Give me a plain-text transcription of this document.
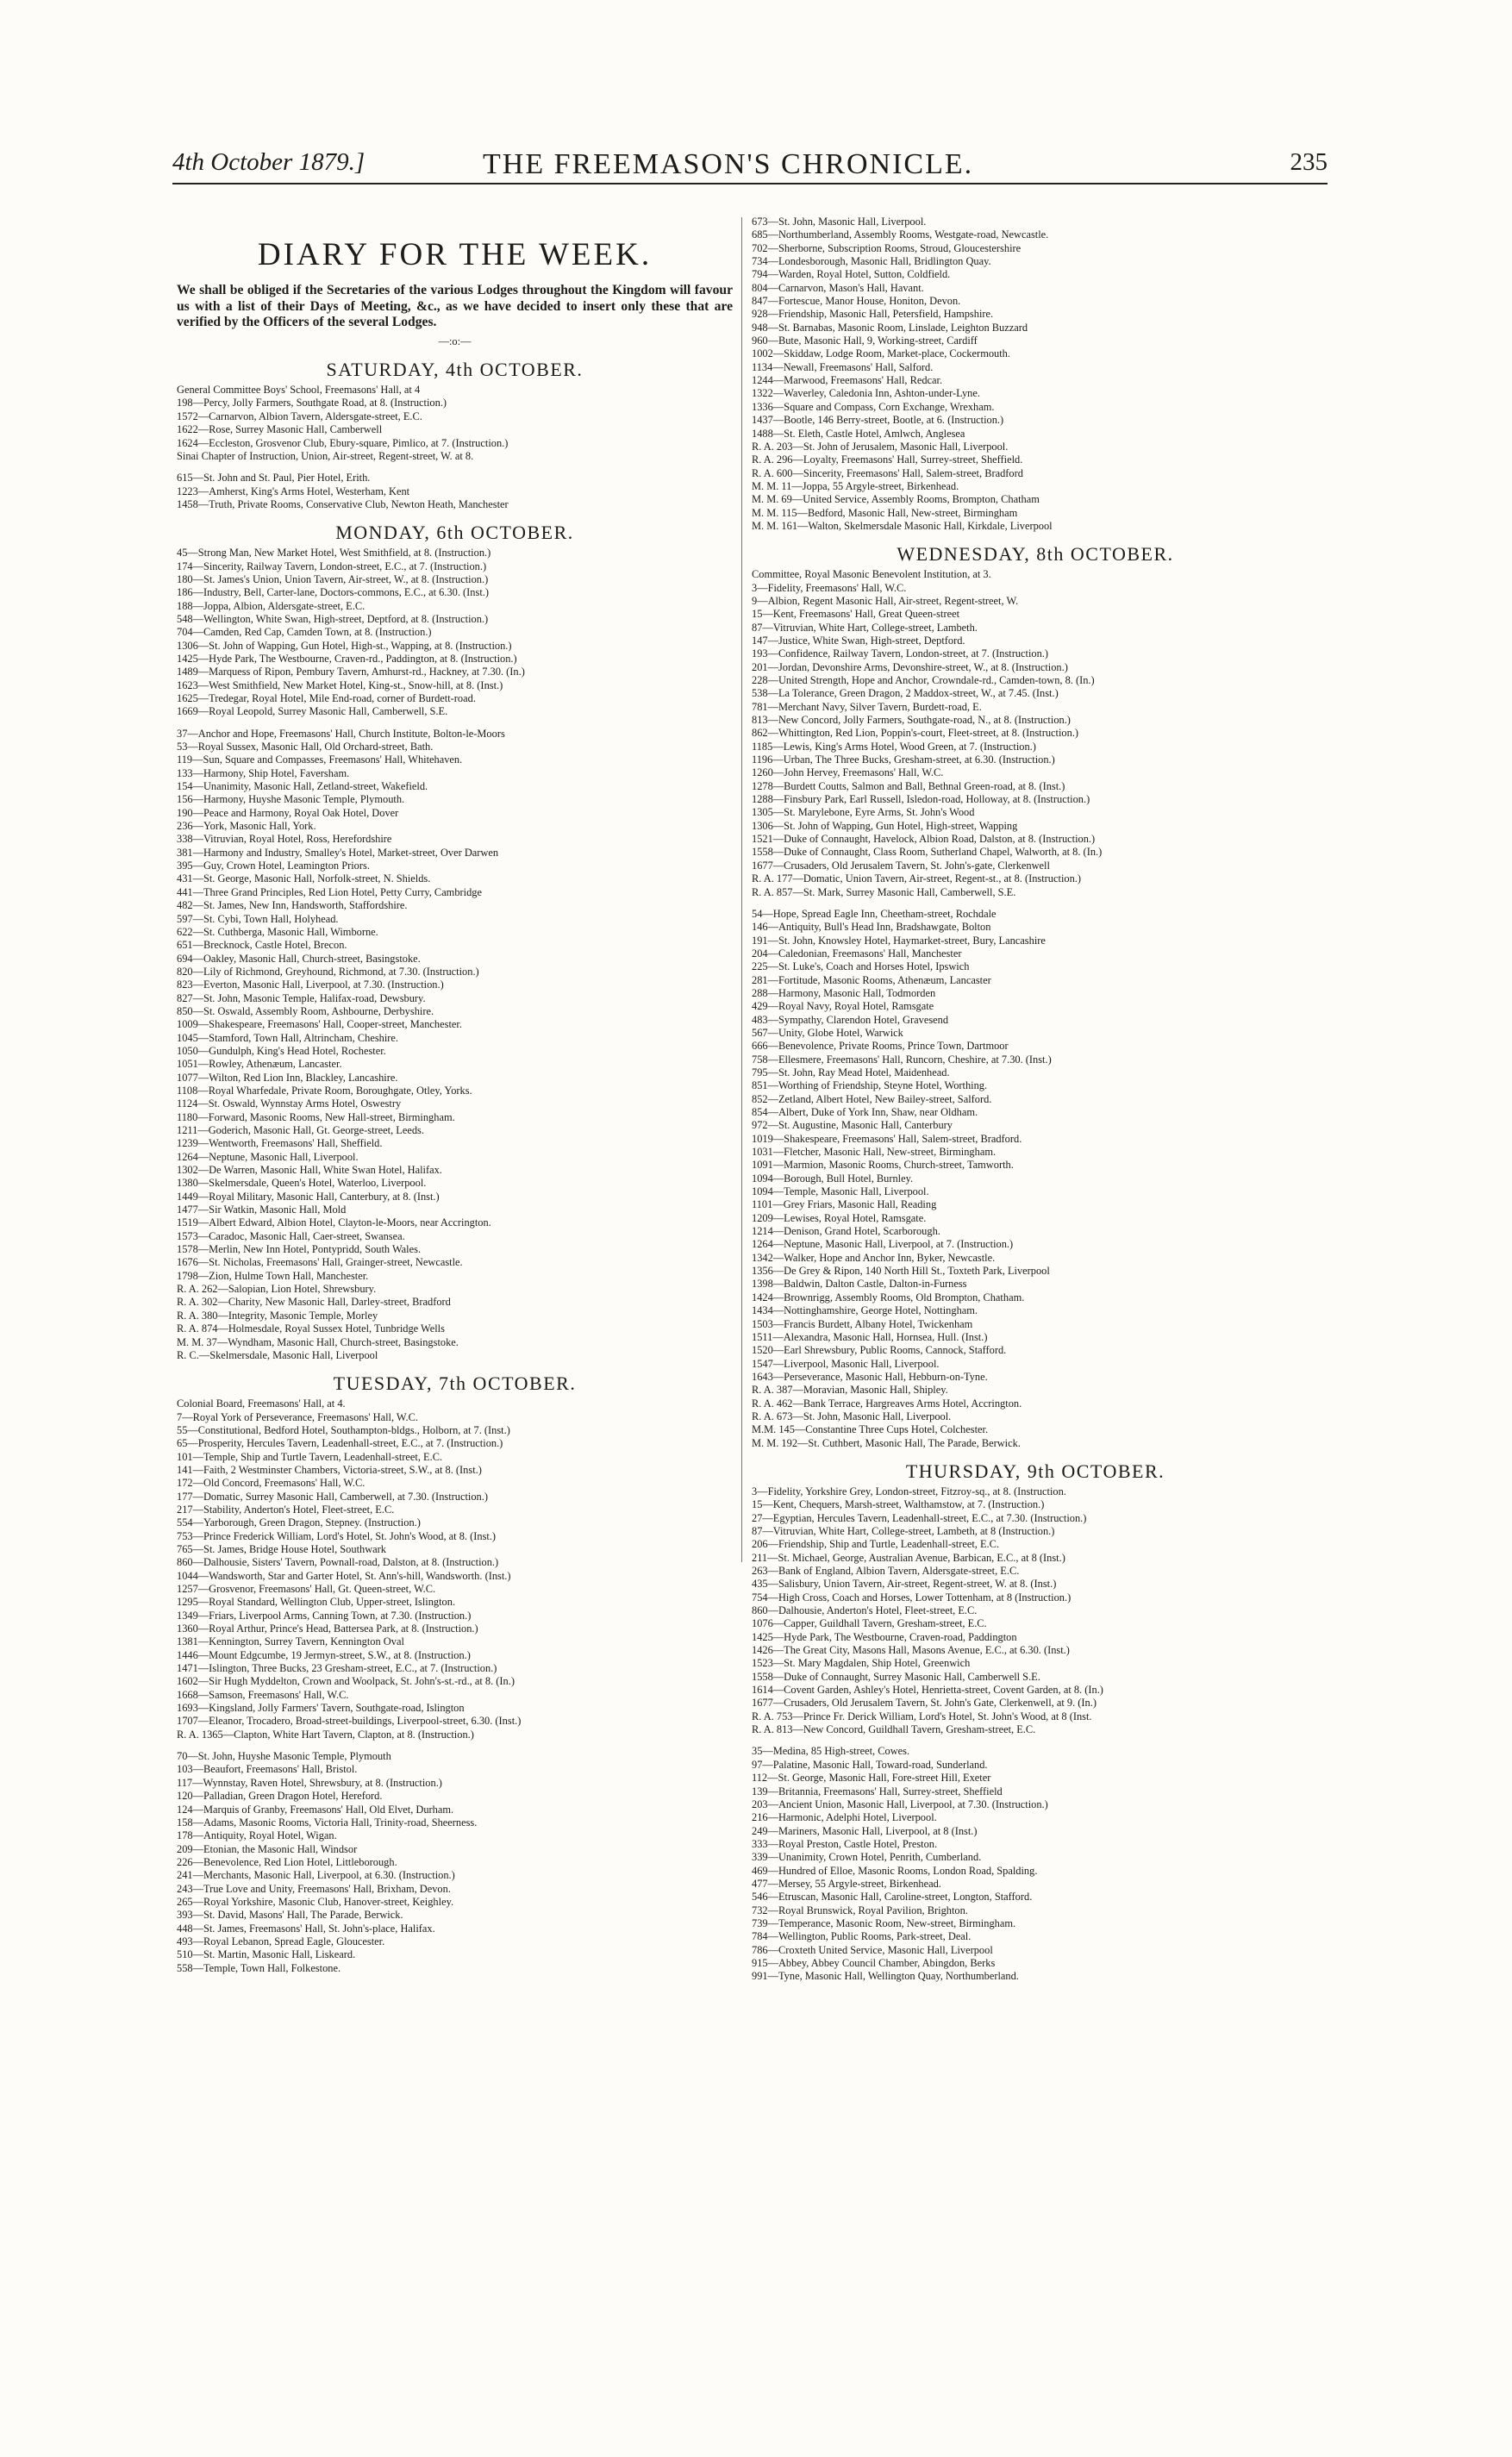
4th October 1879.]	THE FREEMASON'S CHRONICLE.	235
DIARY FOR THE WEEK.
We shall be obliged if the Secretaries of the various Lodges throughout the Kingdom will favour us with a list of their Days of Meeting, &c., as we have decided to insert only these that are verified by the Officers of the several Lodges.
—:o:—
SATURDAY, 4th OCTOBER.
General Committee Boys' School, Freemasons' Hall, at 4
198—Percy, Jolly Farmers, Southgate Road, at 8. (Instruction.)
1572—Carnarvon, Albion Tavern, Aldersgate-street, E.C.
1622—Rose, Surrey Masonic Hall, Camberwell
1624—Eccleston, Grosvenor Club, Ebury-square, Pimlico, at 7. (Instruction.)
Sinai Chapter of Instruction, Union, Air-street, Regent-street, W. at 8.
615—St. John and St. Paul, Pier Hotel, Erith.
1223—Amherst, King's Arms Hotel, Westerham, Kent
1458—Truth, Private Rooms, Conservative Club, Newton Heath, Manchester
MONDAY, 6th OCTOBER.
45—Strong Man, New Market Hotel, West Smithfield, at 8. (Instruction.)
174—Sincerity, Railway Tavern, London-street, E.C., at 7. (Instruction.)
180—St. James's Union, Union Tavern, Air-street, W., at 8. (Instruction.)
186—Industry, Bell, Carter-lane, Doctors-commons, E.C., at 6.30. (Inst.)
188—Joppa, Albion, Aldersgate-street, E.C.
548—Wellington, White Swan, High-street, Deptford, at 8. (Instruction.)
704—Camden, Red Cap, Camden Town, at 8. (Instruction.)
1306—St. John of Wapping, Gun Hotel, High-st., Wapping, at 8. (Instruction.)
1425—Hyde Park, The Westbourne, Craven-rd., Paddington, at 8. (Instruction.)
1489—Marquess of Ripon, Pembury Tavern, Amhurst-rd., Hackney, at 7.30. (In.)
1623—West Smithfield, New Market Hotel, King-st., Snow-hill, at 8. (Inst.)
1625—Tredegar, Royal Hotel, Mile End-road, corner of Burdett-road.
1669—Royal Leopold, Surrey Masonic Hall, Camberwell, S.E.
37—Anchor and Hope, Freemasons' Hall, Church Institute, Bolton-le-Moors
53—Royal Sussex, Masonic Hall, Old Orchard-street, Bath.
119—Sun, Square and Compasses, Freemasons' Hall, Whitehaven.
133—Harmony, Ship Hotel, Faversham.
154—Unanimity, Masonic Hall, Zetland-street, Wakefield.
156—Harmony, Huyshe Masonic Temple, Plymouth.
190—Peace and Harmony, Royal Oak Hotel, Dover
236—York, Masonic Hall, York.
338—Vitruvian, Royal Hotel, Ross, Herefordshire
381—Harmony and Industry, Smalley's Hotel, Market-street, Over Darwen
395—Guy, Crown Hotel, Leamington Priors.
431—St. George, Masonic Hall, Norfolk-street, N. Shields.
441—Three Grand Principles, Red Lion Hotel, Petty Curry, Cambridge
482—St. James, New Inn, Handsworth, Staffordshire.
597—St. Cybi, Town Hall, Holyhead.
622—St. Cuthberga, Masonic Hall, Wimborne.
651—Brecknock, Castle Hotel, Brecon.
694—Oakley, Masonic Hall, Church-street, Basingstoke.
820—Lily of Richmond, Greyhound, Richmond, at 7.30. (Instruction.)
823—Everton, Masonic Hall, Liverpool, at 7.30. (Instruction.)
827—St. John, Masonic Temple, Halifax-road, Dewsbury.
850—St. Oswald, Assembly Room, Ashbourne, Derbyshire.
1009—Shakespeare, Freemasons' Hall, Cooper-street, Manchester.
1045—Stamford, Town Hall, Altrincham, Cheshire.
1050—Gundulph, King's Head Hotel, Rochester.
1051—Rowley, Athenæum, Lancaster.
1077—Wilton, Red Lion Inn, Blackley, Lancashire.
1108—Royal Wharfedale, Private Room, Boroughgate, Otley, Yorks.
1124—St. Oswald, Wynnstay Arms Hotel, Oswestry
1180—Forward, Masonic Rooms, New Hall-street, Birmingham.
1211—Goderich, Masonic Hall, Gt. George-street, Leeds.
1239—Wentworth, Freemasons' Hall, Sheffield.
1264—Neptune, Masonic Hall, Liverpool.
1302—De Warren, Masonic Hall, White Swan Hotel, Halifax.
1380—Skelmersdale, Queen's Hotel, Waterloo, Liverpool.
1449—Royal Military, Masonic Hall, Canterbury, at 8. (Inst.)
1477—Sir Watkin, Masonic Hall, Mold
1519—Albert Edward, Albion Hotel, Clayton-le-Moors, near Accrington.
1573—Caradoc, Masonic Hall, Caer-street, Swansea.
1578—Merlin, New Inn Hotel, Pontypridd, South Wales.
1676—St. Nicholas, Freemasons' Hall, Grainger-street, Newcastle.
1798—Zion, Hulme Town Hall, Manchester.
R. A. 262—Salopian, Lion Hotel, Shrewsbury.
R. A. 302—Charity, New Masonic Hall, Darley-street, Bradford
R. A. 380—Integrity, Masonic Temple, Morley
R. A. 874—Holmesdale, Royal Sussex Hotel, Tunbridge Wells
M. M. 37—Wyndham, Masonic Hall, Church-street, Basingstoke.
R. C.—Skelmersdale, Masonic Hall, Liverpool
TUESDAY, 7th OCTOBER.
Colonial Board, Freemasons' Hall, at 4.
7—Royal York of Perseverance, Freemasons' Hall, W.C.
55—Constitutional, Bedford Hotel, Southampton-bldgs., Holborn, at 7. (Inst.)
65—Prosperity, Hercules Tavern, Leadenhall-street, E.C., at 7. (Instruction.)
101—Temple, Ship and Turtle Tavern, Leadenhall-street, E.C.
141—Faith, 2 Westminster Chambers, Victoria-street, S.W., at 8. (Inst.)
172—Old Concord, Freemasons' Hall, W.C.
177—Domatic, Surrey Masonic Hall, Camberwell, at 7.30. (Instruction.)
217—Stability, Anderton's Hotel, Fleet-street, E.C.
554—Yarborough, Green Dragon, Stepney. (Instruction.)
753—Prince Frederick William, Lord's Hotel, St. John's Wood, at 8. (Inst.)
765—St. James, Bridge House Hotel, Southwark
860—Dalhousie, Sisters' Tavern, Pownall-road, Dalston, at 8. (Instruction.)
1044—Wandsworth, Star and Garter Hotel, St. Ann's-hill, Wandsworth. (Inst.)
1257—Grosvenor, Freemasons' Hall, Gt. Queen-street, W.C.
1295—Royal Standard, Wellington Club, Upper-street, Islington.
1349—Friars, Liverpool Arms, Canning Town, at 7.30. (Instruction.)
1360—Royal Arthur, Prince's Head, Battersea Park, at 8. (Instruction.)
1381—Kennington, Surrey Tavern, Kennington Oval
1446—Mount Edgcumbe, 19 Jermyn-street, S.W., at 8. (Instruction.)
1471—Islington, Three Bucks, 23 Gresham-street, E.C., at 7. (Instruction.)
1602—Sir Hugh Myddelton, Crown and Woolpack, St. John's-st.-rd., at 8. (In.)
1668—Samson, Freemasons' Hall, W.C.
1693—Kingsland, Jolly Farmers' Tavern, Southgate-road, Islington
1707—Eleanor, Trocadero, Broad-street-buildings, Liverpool-street, 6.30. (Inst.)
R. A. 1365—Clapton, White Hart Tavern, Clapton, at 8. (Instruction.)
70—St. John, Huyshe Masonic Temple, Plymouth
103—Beaufort, Freemasons' Hall, Bristol.
117—Wynnstay, Raven Hotel, Shrewsbury, at 8. (Instruction.)
120—Palladian, Green Dragon Hotel, Hereford.
124—Marquis of Granby, Freemasons' Hall, Old Elvet, Durham.
158—Adams, Masonic Rooms, Victoria Hall, Trinity-road, Sheerness.
178—Antiquity, Royal Hotel, Wigan.
209—Etonian, the Masonic Hall, Windsor
226—Benevolence, Red Lion Hotel, Littleborough.
241—Merchants, Masonic Hall, Liverpool, at 6.30. (Instruction.)
243—True Love and Unity, Freemasons' Hall, Brixham, Devon.
265—Royal Yorkshire, Masonic Club, Hanover-street, Keighley.
393—St. David, Masons' Hall, The Parade, Berwick.
448—St. James, Freemasons' Hall, St. John's-place, Halifax.
493—Royal Lebanon, Spread Eagle, Gloucester.
510—St. Martin, Masonic Hall, Liskeard.
558—Temple, Town Hall, Folkestone.
673—St. John, Masonic Hall, Liverpool.
685—Northumberland, Assembly Rooms, Westgate-road, Newcastle.
702—Sherborne, Subscription Rooms, Stroud, Gloucestershire
734—Londesborough, Masonic Hall, Bridlington Quay.
794—Warden, Royal Hotel, Sutton, Coldfield.
804—Carnarvon, Mason's Hall, Havant.
847—Fortescue, Manor House, Honiton, Devon.
928—Friendship, Masonic Hall, Petersfield, Hampshire.
948—St. Barnabas, Masonic Room, Linslade, Leighton Buzzard
960—Bute, Masonic Hall, 9, Working-street, Cardiff
1002—Skiddaw, Lodge Room, Market-place, Cockermouth.
1134—Newall, Freemasons' Hall, Salford.
1244—Marwood, Freemasons' Hall, Redcar.
1322—Waverley, Caledonia Inn, Ashton-under-Lyne.
1336—Square and Compass, Corn Exchange, Wrexham.
1437—Bootle, 146 Berry-street, Bootle, at 6. (Instruction.)
1488—St. Eleth, Castle Hotel, Amlwch, Anglesea
R. A. 203—St. John of Jerusalem, Masonic Hall, Liverpool.
R. A. 296—Loyalty, Freemasons' Hall, Surrey-street, Sheffield.
R. A. 600—Sincerity, Freemasons' Hall, Salem-street, Bradford
M. M. 11—Joppa, 55 Argyle-street, Birkenhead.
M. M. 69—United Service, Assembly Rooms, Brompton, Chatham
M. M. 115—Bedford, Masonic Hall, New-street, Birmingham
M. M. 161—Walton, Skelmersdale Masonic Hall, Kirkdale, Liverpool
WEDNESDAY, 8th OCTOBER.
Committee, Royal Masonic Benevolent Institution, at 3.
3—Fidelity, Freemasons' Hall, W.C.
9—Albion, Regent Masonic Hall, Air-street, Regent-street, W.
15—Kent, Freemasons' Hall, Great Queen-street
87—Vitruvian, White Hart, College-street, Lambeth.
147—Justice, White Swan, High-street, Deptford.
193—Confidence, Railway Tavern, London-street, at 7. (Instruction.)
201—Jordan, Devonshire Arms, Devonshire-street, W., at 8. (Instruction.)
228—United Strength, Hope and Anchor, Crowndale-rd., Camden-town, 8. (In.)
538—La Tolerance, Green Dragon, 2 Maddox-street, W., at 7.45. (Inst.)
781—Merchant Navy, Silver Tavern, Burdett-road, E.
813—New Concord, Jolly Farmers, Southgate-road, N., at 8. (Instruction.)
862—Whittington, Red Lion, Poppin's-court, Fleet-street, at 8. (Instruction.)
1185—Lewis, King's Arms Hotel, Wood Green, at 7. (Instruction.)
1196—Urban, The Three Bucks, Gresham-street, at 6.30. (Instruction.)
1260—John Hervey, Freemasons' Hall, W.C.
1278—Burdett Coutts, Salmon and Ball, Bethnal Green-road, at 8. (Inst.)
1288—Finsbury Park, Earl Russell, Isledon-road, Holloway, at 8. (Instruction.)
1305—St. Marylebone, Eyre Arms, St. John's Wood
1306—St. John of Wapping, Gun Hotel, High-street, Wapping
1521—Duke of Connaught, Havelock, Albion Road, Dalston, at 8. (Instruction.)
1558—Duke of Connaught, Class Room, Sutherland Chapel, Walworth, at 8. (In.)
1677—Crusaders, Old Jerusalem Tavern, St. John's-gate, Clerkenwell
R. A. 177—Domatic, Union Tavern, Air-street, Regent-st., at 8. (Instruction.)
R. A. 857—St. Mark, Surrey Masonic Hall, Camberwell, S.E.
54—Hope, Spread Eagle Inn, Cheetham-street, Rochdale
146—Antiquity, Bull's Head Inn, Bradshawgate, Bolton
191—St. John, Knowsley Hotel, Haymarket-street, Bury, Lancashire
204—Caledonian, Freemasons' Hall, Manchester
225—St. Luke's, Coach and Horses Hotel, Ipswich
281—Fortitude, Masonic Rooms, Athenæum, Lancaster
288—Harmony, Masonic Hall, Todmorden
429—Royal Navy, Royal Hotel, Ramsgate
483—Sympathy, Clarendon Hotel, Gravesend
567—Unity, Globe Hotel, Warwick
666—Benevolence, Private Rooms, Prince Town, Dartmoor
758—Ellesmere, Freemasons' Hall, Runcorn, Cheshire, at 7.30. (Inst.)
795—St. John, Ray Mead Hotel, Maidenhead.
851—Worthing of Friendship, Steyne Hotel, Worthing.
852—Zetland, Albert Hotel, New Bailey-street, Salford.
854—Albert, Duke of York Inn, Shaw, near Oldham.
972—St. Augustine, Masonic Hall, Canterbury
1019—Shakespeare, Freemasons' Hall, Salem-street, Bradford.
1031—Fletcher, Masonic Hall, New-street, Birmingham.
1091—Marmion, Masonic Rooms, Church-street, Tamworth.
1094—Borough, Bull Hotel, Burnley.
1094—Temple, Masonic Hall, Liverpool.
1101—Grey Friars, Masonic Hall, Reading
1209—Lewises, Royal Hotel, Ramsgate.
1214—Denison, Grand Hotel, Scarborough.
1264—Neptune, Masonic Hall, Liverpool, at 7. (Instruction.)
1342—Walker, Hope and Anchor Inn, Byker, Newcastle.
1356—De Grey & Ripon, 140 North Hill St., Toxteth Park, Liverpool
1398—Baldwin, Dalton Castle, Dalton-in-Furness
1424—Brownrigg, Assembly Rooms, Old Brompton, Chatham.
1434—Nottinghamshire, George Hotel, Nottingham.
1503—Francis Burdett, Albany Hotel, Twickenham
1511—Alexandra, Masonic Hall, Hornsea, Hull. (Inst.)
1520—Earl Shrewsbury, Public Rooms, Cannock, Stafford.
1547—Liverpool, Masonic Hall, Liverpool.
1643—Perseverance, Masonic Hall, Hebburn-on-Tyne.
R. A. 387—Moravian, Masonic Hall, Shipley.
R. A. 462—Bank Terrace, Hargreaves Arms Hotel, Accrington.
R. A. 673—St. John, Masonic Hall, Liverpool.
M.M. 145—Constantine Three Cups Hotel, Colchester.
M. M. 192—St. Cuthbert, Masonic Hall, The Parade, Berwick.
THURSDAY, 9th OCTOBER.
3—Fidelity, Yorkshire Grey, London-street, Fitzroy-sq., at 8. (Instruction.
15—Kent, Chequers, Marsh-street, Walthamstow, at 7. (Instruction.)
27—Egyptian, Hercules Tavern, Leadenhall-street, E.C., at 7.30. (Instruction.)
87—Vitruvian, White Hart, College-street, Lambeth, at 8 (Instruction.)
206—Friendship, Ship and Turtle, Leadenhall-street, E.C.
211—St. Michael, George, Australian Avenue, Barbican, E.C., at 8 (Inst.)
263—Bank of England, Albion Tavern, Aldersgate-street, E.C.
435—Salisbury, Union Tavern, Air-street, Regent-street, W. at 8. (Inst.)
754—High Cross, Coach and Horses, Lower Tottenham, at 8 (Instruction.)
860—Dalhousie, Anderton's Hotel, Fleet-street, E.C.
1076—Capper, Guildhall Tavern, Gresham-street, E.C.
1425—Hyde Park, The Westbourne, Craven-road, Paddington
1426—The Great City, Masons Hall, Masons Avenue, E.C., at 6.30. (Inst.)
1523—St. Mary Magdalen, Ship Hotel, Greenwich
1558—Duke of Connaught, Surrey Masonic Hall, Camberwell S.E.
1614—Covent Garden, Ashley's Hotel, Henrietta-street, Covent Garden, at 8. (In.)
1677—Crusaders, Old Jerusalem Tavern, St. John's Gate, Clerkenwell, at 9. (In.)
R. A. 753—Prince Fr. Derick William, Lord's Hotel, St. John's Wood, at 8 (Inst.
R. A. 813—New Concord, Guildhall Tavern, Gresham-street, E.C.
35—Medina, 85 High-street, Cowes.
97—Palatine, Masonic Hall, Toward-road, Sunderland.
112—St. George, Masonic Hall, Fore-street Hill, Exeter
139—Britannia, Freemasons' Hall, Surrey-street, Sheffield
203—Ancient Union, Masonic Hall, Liverpool, at 7.30. (Instruction.)
216—Harmonic, Adelphi Hotel, Liverpool.
249—Mariners, Masonic Hall, Liverpool, at 8 (Inst.)
333—Royal Preston, Castle Hotel, Preston.
339—Unanimity, Crown Hotel, Penrith, Cumberland.
469—Hundred of Elloe, Masonic Rooms, London Road, Spalding.
477—Mersey, 55 Argyle-street, Birkenhead.
546—Etruscan, Masonic Hall, Caroline-street, Longton, Stafford.
732—Royal Brunswick, Royal Pavilion, Brighton.
739—Temperance, Masonic Room, New-street, Birmingham.
784—Wellington, Public Rooms, Park-street, Deal.
786—Croxteth United Service, Masonic Hall, Liverpool
915—Abbey, Abbey Council Chamber, Abingdon, Berks
991—Tyne, Masonic Hall, Wellington Quay, Northumberland.
